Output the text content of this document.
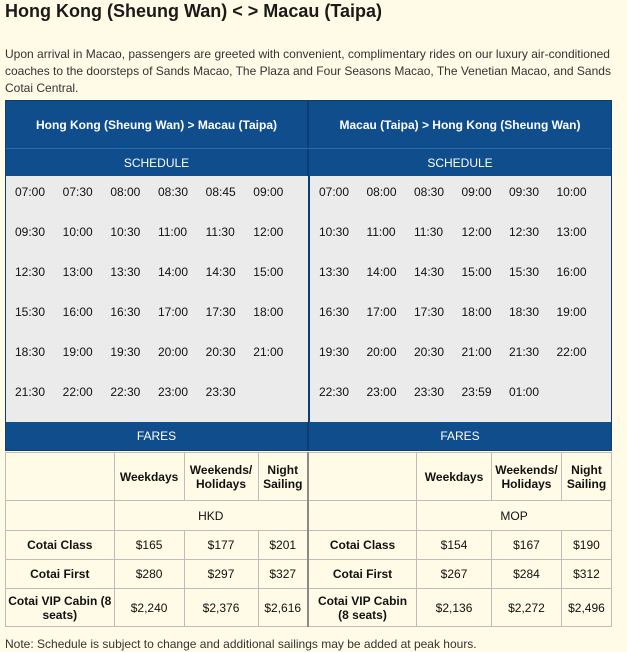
Hong Kong (Sheung Wan) < > Macau (Taipa)
Upon arrival in Macao, passengers are greeted with convenient, complimentary rides on our luxury air-conditioned coaches to the doorsteps of Sands Macao, The Plaza and Four Seasons Macao, The Venetian Macao, and Sands Cotai Central.
Hong Kong (Sheung Wan) > Macau (Taipa)	Macau (Taipa) > Hong Kong (Sheung Wan)
SCHEDULE	SCHEDULE
07:00	07:30	08:00	08:30	08:45	09:00
09:30	10:00	10:30	11:00	11:30	12:00
12:30	13:00	13:30	14:00	14:30	15:00
15:30	16:00	16:30	17:00	17:30	18:00
18:30	19:00	19:30	20:00	20:30	21:00
21:30	22:00	22:30	23:00	23:30
07:00	08:00	08:30	09:00	09:30	10:00
10:30	11:00	11:30	12:00	12:30	13:00
13:30	14:00	14:30	15:00	15:30	16:00
16:30	17:00	17:30	18:00	18:30	19:00
19:30	20:00	20:30	21:00	21:30	22:00
22:30	23:00	23:30	23:59	01:00
FARES	FARES
	Weekdays	Weekends/ Holidays	Night Sailing		Weekdays	Weekends/ Holidays	Night Sailing
	HKD				MOP		
Cotai Class	$165	$177	$201	Cotai Class	$154	$167	$190
Cotai First	$280	$297	$327	Cotai First	$267	$284	$312
Cotai VIP Cabin (8 seats)	$2,240	$2,376	$2,616	Cotai VIP Cabin (8 seats)	$2,136	$2,272	$2,496
Note: Schedule is subject to change and additional sailings may be added at peak hours.
